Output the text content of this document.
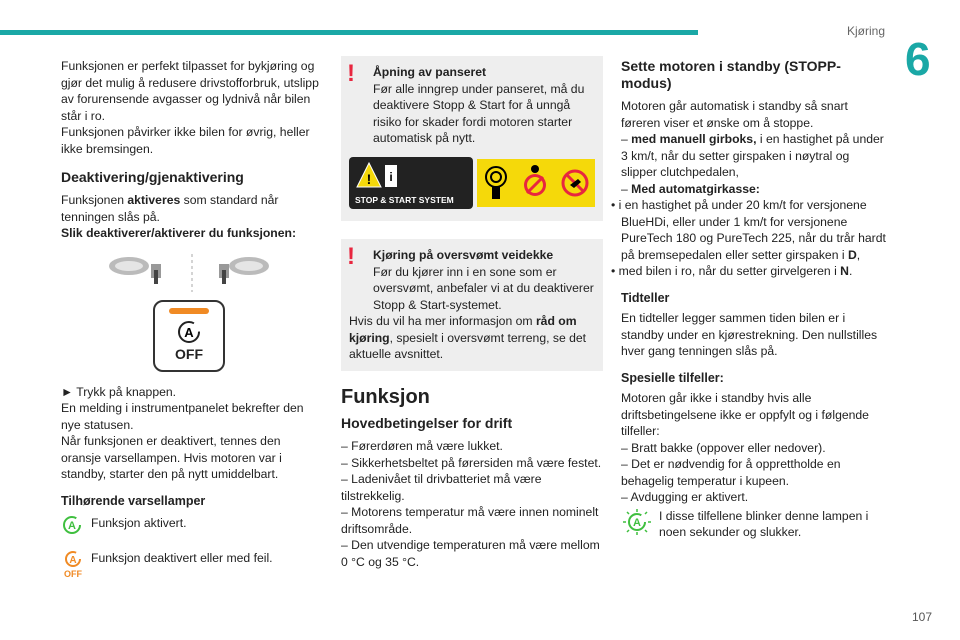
Kjøring
6
107

Funksjonen er perfekt tilpasset for bykjøring og gjør det mulig å redusere drivstofforbruk, utslipp av forurensende avgasser og lydnivå når bilen står i ro.

Funksjonen påvirker ikke bilen for øvrig, heller ikke bremsingen.

Deaktivering/gjenaktivering

Funksjonen aktiveres som standard når tenningen slås på.

Slik deaktiverer/aktiverer du funksjonen:

A
OFF

► Trykk på knappen.

En melding i instrumentpanelet bekrefter den nye statusen.

Når funksjonen er deaktivert, tennes den oransje varsellampen. Hvis motoren var i standby, starter den på nytt umiddelbart.

Tilhørende varsellamper
A Funksjon aktivert.
A
OFF
Funksjon deaktivert eller med feil.
! Åpning av panseret

Før alle inngrep under panseret, må du deaktivere Stopp & Start for å unngå risiko for skader fordi motoren starter automatisk på nytt.

! i
STOP & START SYSTEM
! Kjøring på oversvømt veidekke

Før du kjører inn i en sone som er oversvømt, anbefaler vi at du deaktiverer Stopp & Start-systemet.

Hvis du vil ha mer informasjon om råd om kjøring, spesielt i oversvømt terreng, se det aktuelle avsnittet.

Funksjon
Hovedbetingelser for drift

– Førerdøren må være lukket.

– Sikkerhetsbeltet på førersiden må være festet.

– Ladenivået til drivbatteriet må være tilstrekkelig.

– Motorens temperatur må være innen nominelt driftsområde.

– Den utvendige temperaturen må være mellom 0 °C og 35 °C.

Sette motoren i standby (STOPP-modus)

Motoren går automatisk i standby så snart føreren viser et ønske om å stoppe.

– med manuell girboks, i en hastighet på under 3 km/t, når du setter girspaken i nøytral og slipper clutchpedalen,

– Med automatgirkasse:

• i en hastighet på under 20 km/t for versjonene BlueHDi, eller under 1 km/t for versjonene PureTech 180 og PureTech 225, når du trår hardt på bremsepedalen eller setter girspaken i D,

• med bilen i ro, når du setter girvelgeren i N.

Tidteller

En tidteller legger sammen tiden bilen er i standby under en kjørestrekning. Den nullstilles hver gang tenningen slås på.

Spesielle tilfeller:

Motoren går ikke i standby hvis alle driftsbetingelsene ikke er oppfylt og i følgende tilfeller:

– Bratt bakke (oppover eller nedover).

– Det er nødvendig for å opprettholde en behagelig temperatur i kupeen.

– Avdugging er aktivert.

A I disse tilfellene blinker denne lampen i noen sekunder og slukker.
